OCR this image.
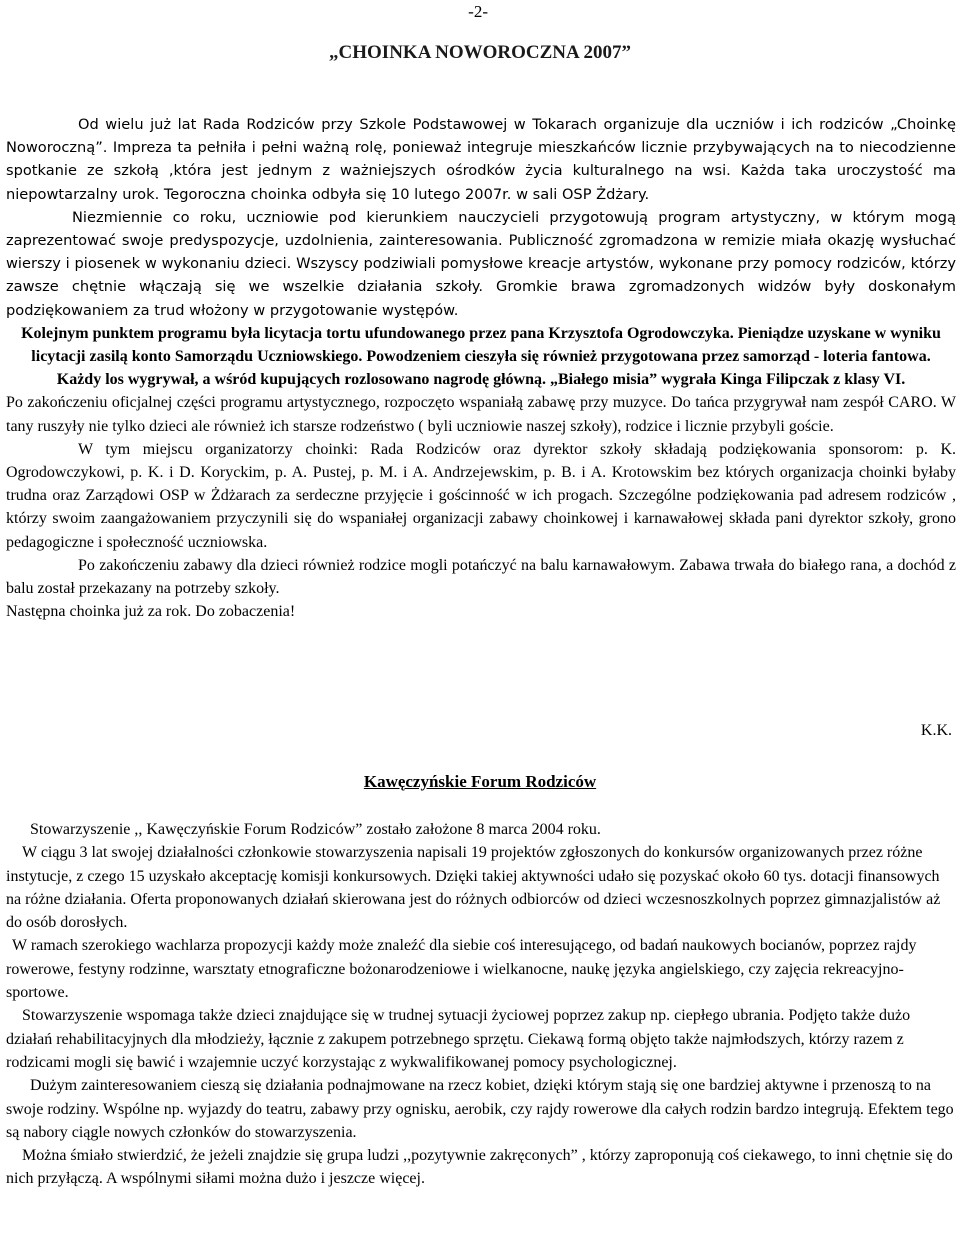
-2-
„CHOINKA NOWOROCZNA 2007”

Od wielu już lat Rada Rodziców przy Szkole Podstawowej w Tokarach organizuje dla uczniów i ich rodziców „Choinkę Noworoczną”. Impreza ta pełniła i pełni ważną rolę, ponieważ integruje mieszkańców licznie przybywających na to niecodzienne spotkanie ze szkołą ,która jest jednym z ważniejszych ośrodków życia kulturalnego na wsi. Każda taka uroczystość ma niepowtarzalny urok. Tegoroczna choinka odbyła się 10 lutego 2007r. w sali OSP Żdżary.

Niezmiennie co roku, uczniowie pod kierunkiem nauczycieli przygotowują program artystyczny, w którym mogą zaprezentować swoje predyspozycje, uzdolnienia, zainteresowania. Publiczność zgromadzona w remizie miała okazję wysłuchać wierszy i piosenek w wykonaniu dzieci. Wszyscy podziwiali pomysłowe kreacje artystów, wykonane przy pomocy rodziców, którzy zawsze chętnie włączają się we wszelkie działania szkoły. Gromkie brawa zgromadzonych widzów były doskonałym podziękowaniem za trud włożony w przygotowanie występów.

Kolejnym punktem programu była licytacja tortu ufundowanego przez pana Krzysztofa Ogrodowczyka. Pieniądze uzyskane w wyniku licytacji zasilą konto Samorządu Uczniowskiego. Powodzeniem cieszyła się również przygotowana przez samorząd - loteria fantowa. Każdy los wygrywał, a wśród kupujących rozlosowano nagrodę główną. „Białego misia” wygrała Kinga Filipczak z klasy VI.

Po zakończeniu oficjalnej części programu artystycznego, rozpoczęto wspaniałą zabawę przy muzyce. Do tańca przygrywał nam zespół CARO. W tany ruszyły nie tylko dzieci ale również ich starsze rodzeństwo ( byli uczniowie naszej szkoły), rodzice i licznie przybyli goście.

W tym miejscu organizatorzy choinki: Rada Rodziców oraz dyrektor szkoły składają podziękowania sponsorom: p. K. Ogrodowczykowi, p. K. i D. Koryckim, p. A. Pustej, p. M. i A. Andrzejewskim, p. B. i A. Krotowskim bez których organizacja choinki byłaby trudna oraz Zarządowi OSP w Żdżarach za serdeczne przyjęcie i gościnność w ich progach. Szczególne podziękowania pad adresem rodziców , którzy swoim zaangażowaniem przyczynili się do wspaniałej organizacji zabawy choinkowej i karnawałowej składa pani dyrektor szkoły, grono pedagogiczne i społeczność uczniowska.

Po zakończeniu zabawy dla dzieci również rodzice mogli potańczyć na balu karnawałowym. Zabawa trwała do białego rana, a dochód z balu został przekazany na potrzeby szkoły.

Następna choinka już za rok. Do zobaczenia!

K.K.
Kawęczyńskie Forum Rodziców

Stowarzyszenie ,, Kawęczyńskie Forum Rodziców” zostało założone 8 marca 2004 roku.

W ciągu 3 lat swojej działalności członkowie stowarzyszenia napisali 19 projektów zgłoszonych do konkursów organizowanych przez różne instytucje, z czego 15 uzyskało akceptację komisji konkursowych. Dzięki takiej aktywności udało się pozyskać około 60 tys. dotacji finansowych na różne działania. Oferta proponowanych działań skierowana jest do różnych odbiorców od dzieci wczesnoszkolnych poprzez gimnazjalistów aż do osób dorosłych.

W ramach szerokiego wachlarza propozycji każdy może znaleźć dla siebie coś interesującego, od badań naukowych bocianów, poprzez rajdy rowerowe, festyny rodzinne, warsztaty etnograficzne bożonarodzeniowe i wielkanocne, naukę języka angielskiego, czy zajęcia rekreacyjno- sportowe.

Stowarzyszenie wspomaga także dzieci znajdujące się w trudnej sytuacji życiowej poprzez zakup np. ciepłego ubrania. Podjęto także dużo działań rehabilitacyjnych dla młodzieży, łącznie z zakupem potrzebnego sprzętu. Ciekawą formą objęto także najmłodszych, którzy razem z rodzicami mogli się bawić i wzajemnie uczyć korzystając z wykwalifikowanej pomocy psychologicznej.

Dużym zainteresowaniem cieszą się działania podnajmowane na rzecz kobiet, dzięki którym stają się one bardziej aktywne i przenoszą to na swoje rodziny. Wspólne np. wyjazdy do teatru, zabawy przy ognisku, aerobik, czy rajdy rowerowe dla całych rodzin bardzo integrują. Efektem tego są nabory ciągle nowych członków do stowarzyszenia.

Można śmiało stwierdzić, że jeżeli znajdzie się grupa ludzi ,,pozytywnie zakręconych” , którzy zaproponują coś ciekawego, to inni chętnie się do nich przyłączą. A wspólnymi siłami można dużo i jeszcze więcej.
